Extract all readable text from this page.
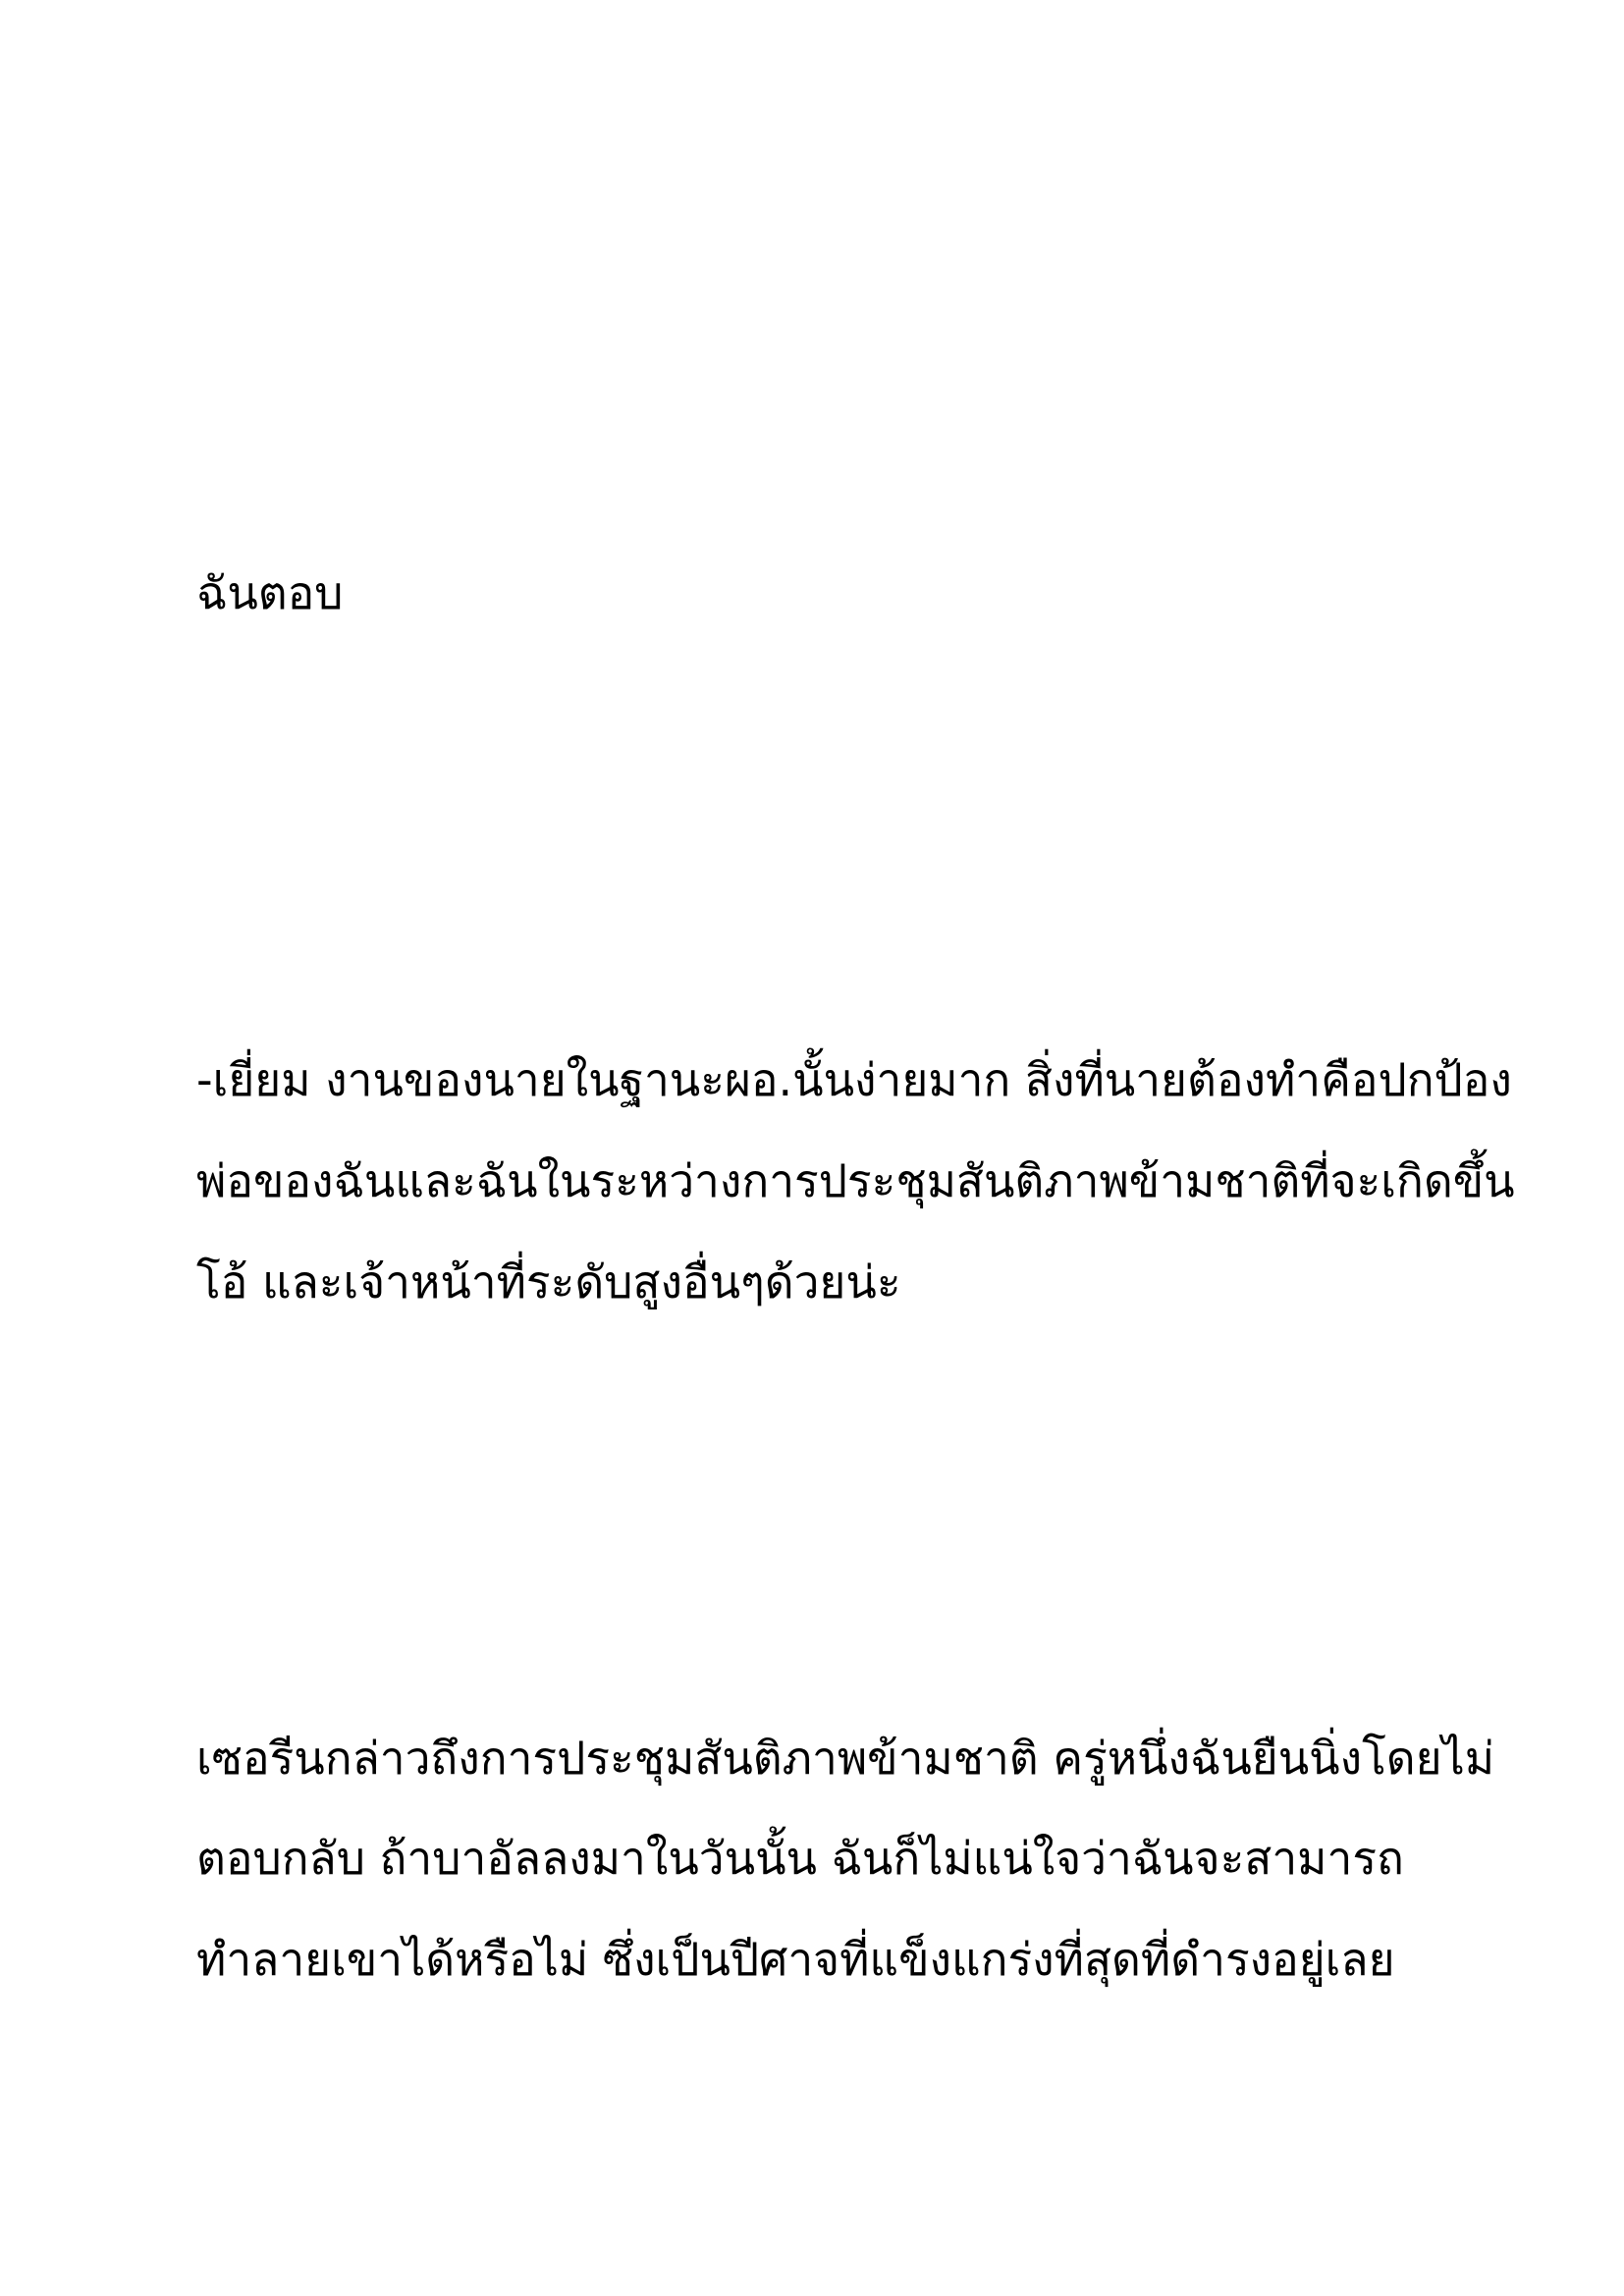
ฉันตอบ

-เยี่ยม งานของนายในฐานะผอ.นั้นง่ายมาก สิ่งที่นายต้องทำคือปกป้อง

พ่อของฉันและฉันในระหว่างการประชุมสันติภาพข้ามชาติที่จะเกิดขึ้น

โอ้ และเจ้าหน้าที่ระดับสูงอื่นๆด้วยน่ะ

เซอรีนกล่าวถึงการประชุมสันติภาพข้ามชาติ ครู่หนึ่งฉันยืนนิ่งโดยไม่

ตอบกลับ ถ้าบาอัลลงมาในวันนั้น ฉันก็ไม่แน่ใจว่าฉันจะสามารถ

ทำลายเขาได้หรือไม่ ซึ่งเป็นปีศาจที่แข็งแกร่งที่สุดที่ดำรงอยู่เลย
